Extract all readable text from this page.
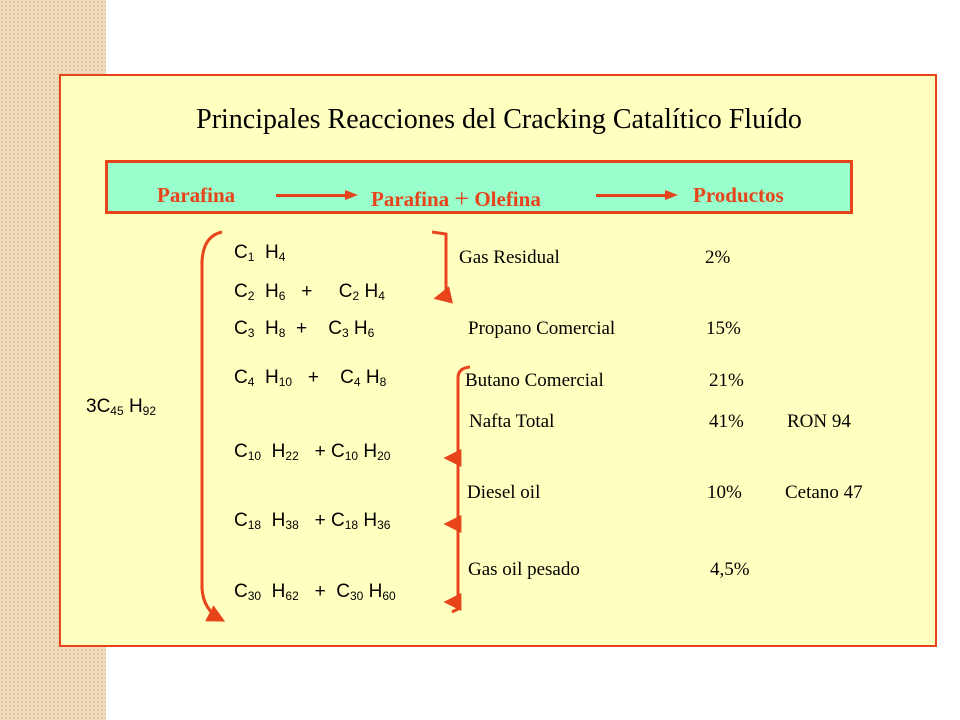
Principales Reacciones del Cracking Catalítico Fluído
Parafina	Parafina + Olefina	Productos
$3C_{45}$ $H_{92}$
$C_1$ $H_4$
$C_2$ $H_6 + C_2$ $H_4$
$C_3$ $H_8 + C_3$ $H_6$
$C_4$ $H_{10} + C_4$ $H_8$
$C_{10}$ $H_{22} + C_{10}$ $H_{20}$
$C_{18}$ $H_{38} + C_{18}$ $H_{36}$
$C_{30}$ $H_{62} + C_{30}$ $H_{60}$
Gas Residual	2%
Propano Comercial	15%
Butano Comercial	21%
Nafta Total	41% RON 94
Diesel oil	10% Cetano 47
Gas oil pesado	4,5%
